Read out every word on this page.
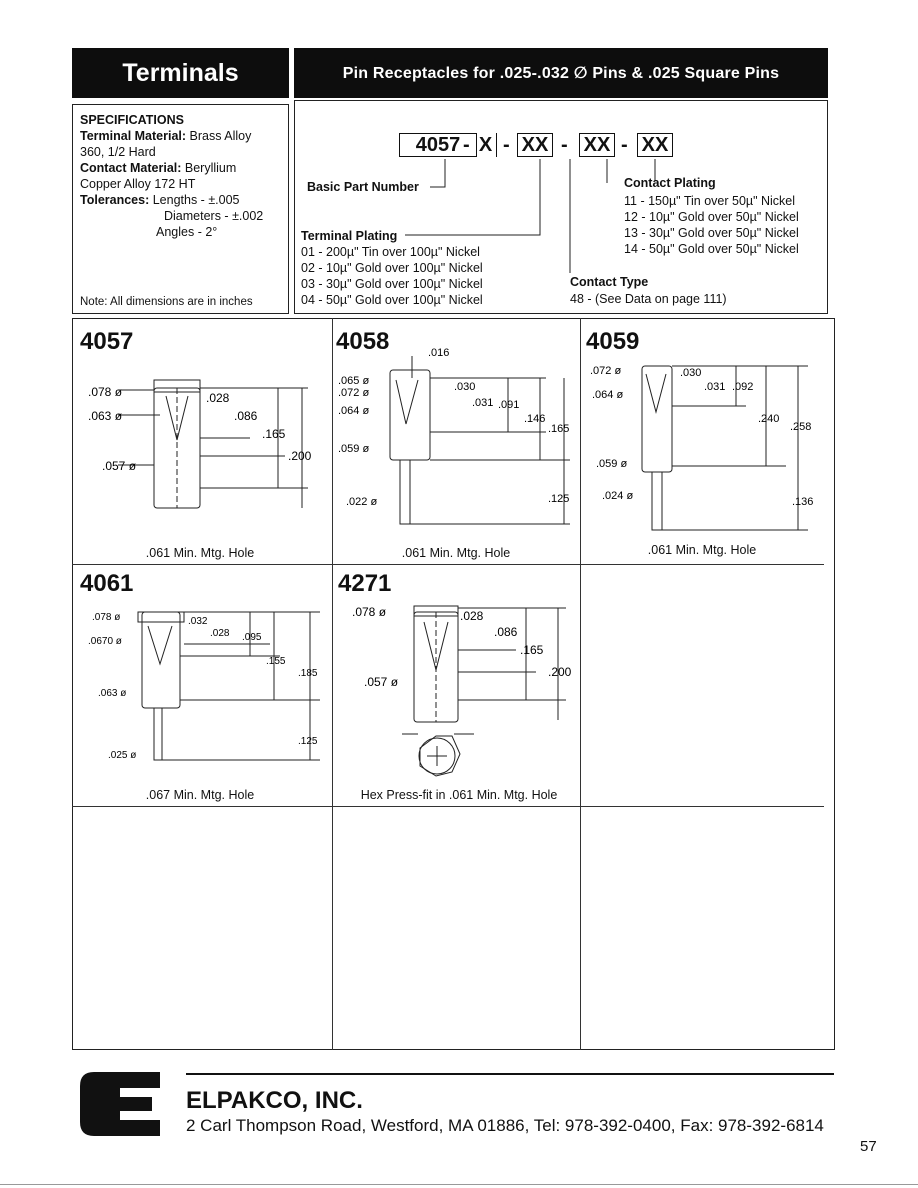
Terminals	Pin Receptacles for .025-.032 ∅ Pins & .025 Square Pins
SPECIFICATIONS
Terminal Material: Brass Alloy
360, 1/2 Hard
Contact Material: Beryllium
Copper Alloy 172 HT
Tolerances: Lengths - ±.005
Diameters - ±.002
Angles - 2°
Note: All dimensions are in inches
4057 - X - XX - XX - XX
Basic Part Number
Terminal Plating
01 - 200µ" Tin over 100µ" Nickel
02 - 10µ" Gold over 100µ" Nickel
03 - 30µ" Gold over 100µ" Nickel
04 - 50µ" Gold over 100µ" Nickel
Contact Plating
11 - 150µ" Tin over 50µ" Nickel
12 - 10µ" Gold over 50µ" Nickel
13 - 30µ" Gold over 50µ" Nickel
14 - 50µ" Gold over 50µ" Nickel
Contact Type
48 - (See Data on page 111)
4057
.078 ø
.063 ø
.057 ø
.028
.086
.165
.200
.061 Min. Mtg. Hole
4058	.016
.065 ø
.072 ø
.064 ø
.059 ø
.022 ø
.030
.031 .091
.146
.165
.125
.061 Min. Mtg. Hole
4059
.072 ø
.064 ø
.059 ø
.024 ø
.030
.031 .092
.240
.258
.136
.061 Min. Mtg. Hole
4061
.078 ø
.0670 ø
.063 ø
.025 ø
.032
.028 .095
.155
.185
.125
.067 Min. Mtg. Hole
4271
.078 ø
.057 ø
.028
.086
.165
.200
Hex Press-fit in .061 Min. Mtg. Hole
ELPAKCO, INC.
2 Carl Thompson Road, Westford, MA 01886, Tel: 978-392-0400, Fax: 978-392-6814
57
